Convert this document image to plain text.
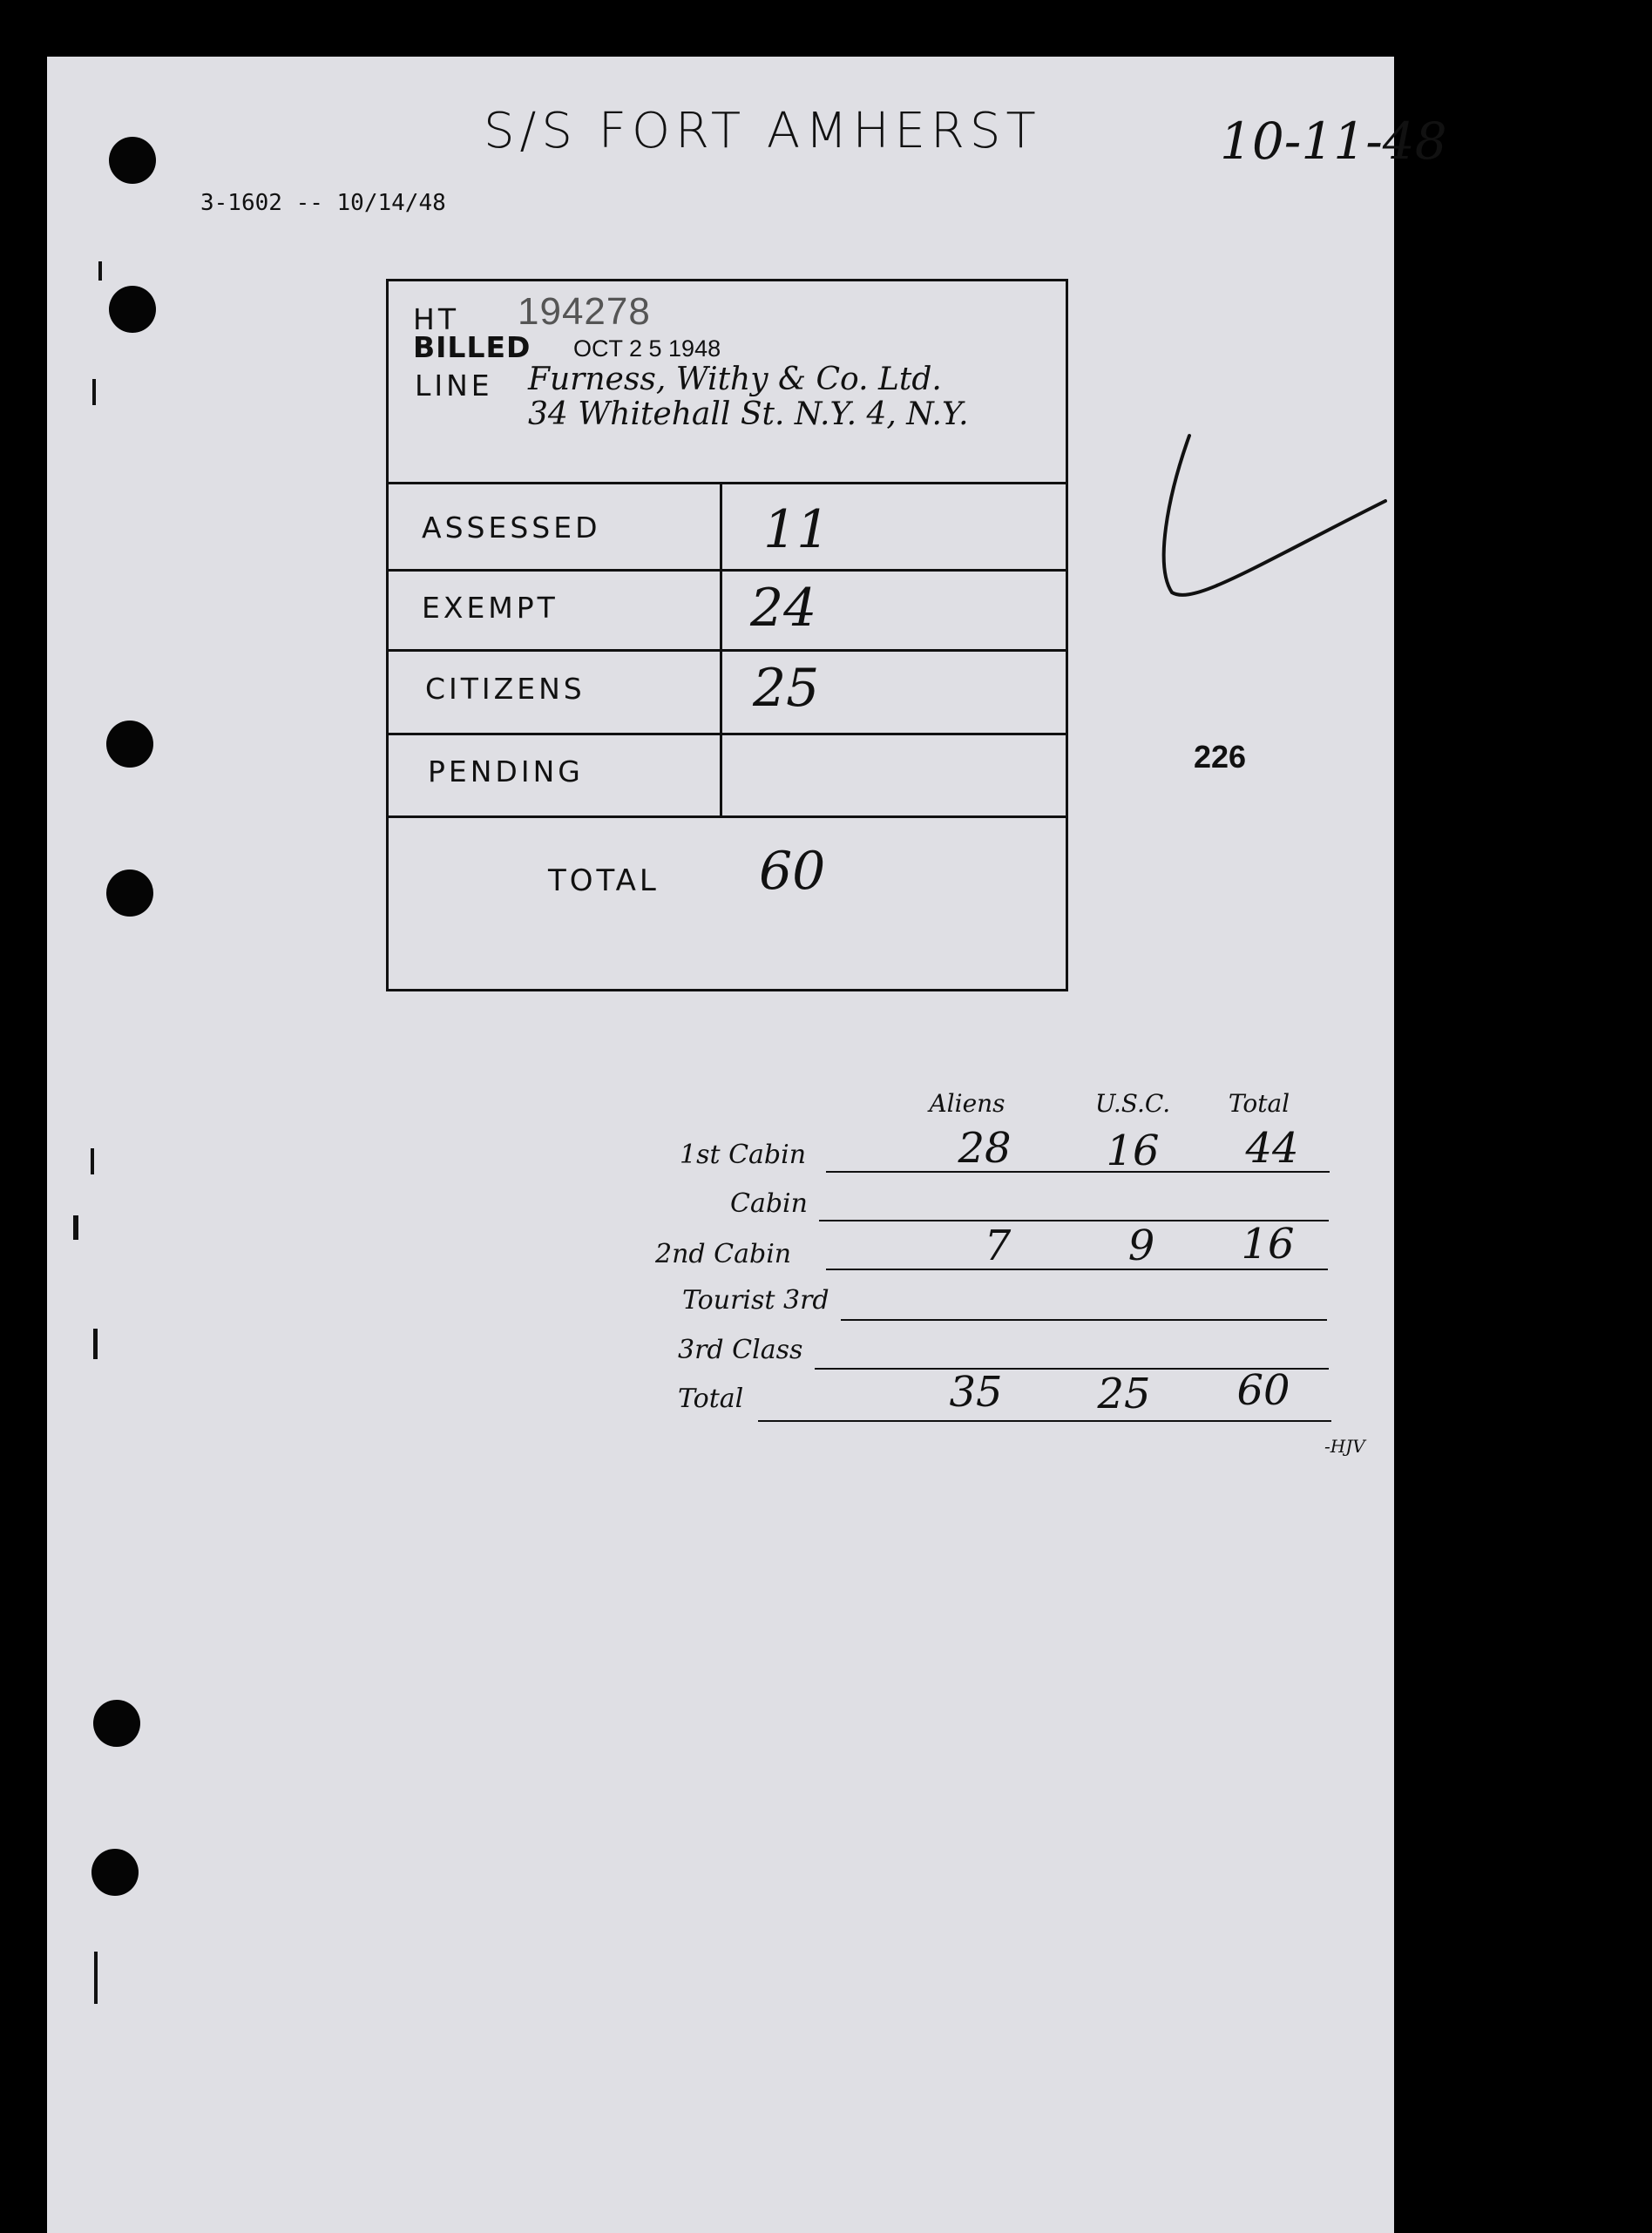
S/S FORT AMHERST	10-11-48
3-1602 -- 10/14/48
HT 194278
BILLED OCT 2 5 1948
LINE Furness, Withy & Co. Ltd.
34 Whitehall St. N.Y. 4, N.Y.
ASSESSED	11
EXEMPT	24
CITIZENS	25
PENDING
TOTAL 60
226
Aliens	U.S.C.	Total
1st Cabin	28	16	44
Cabin
2nd Cabin	7	9	16
Tourist 3rd
3rd Class
Total	35	25	60
-HJV
